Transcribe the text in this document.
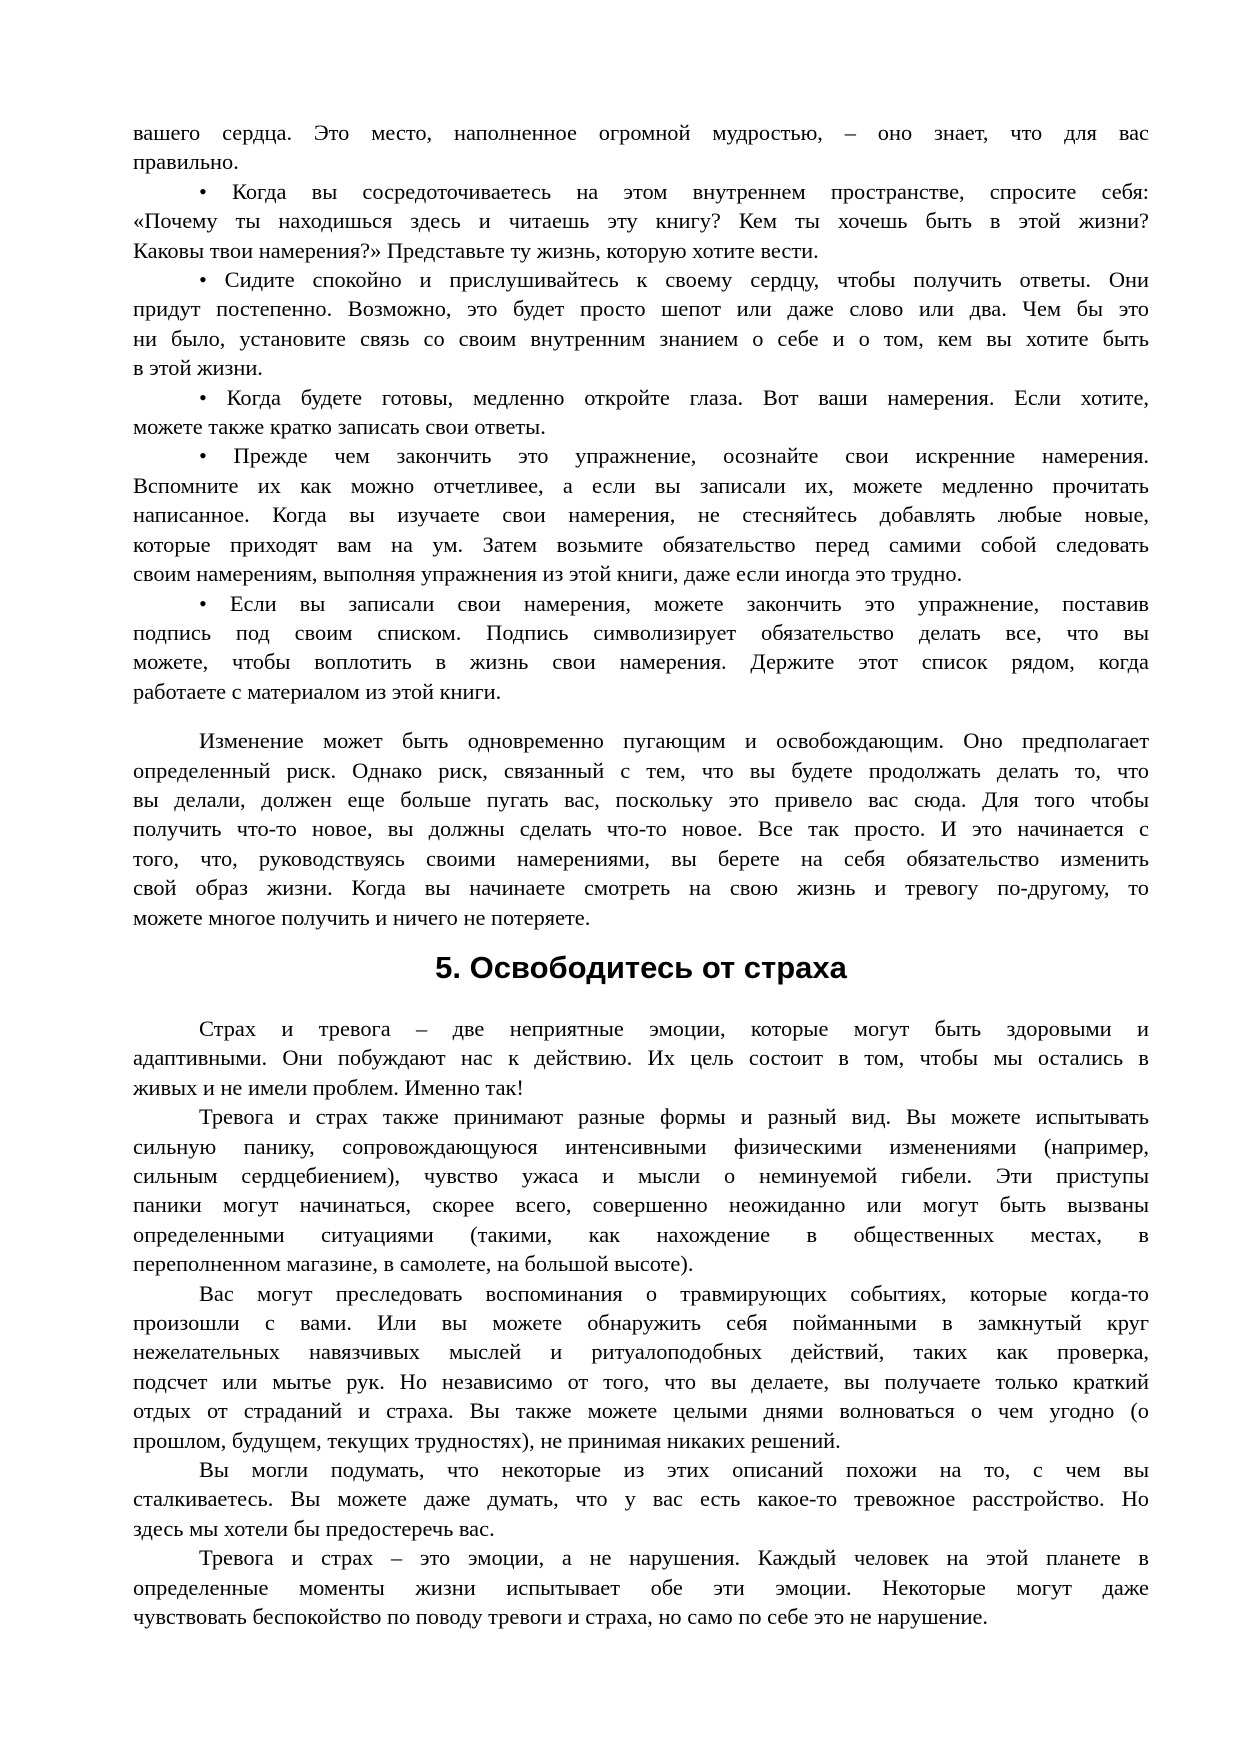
вашего сердца. Это место, наполненное огромной мудростью, – оно знает, что для вас
правильно.
• Когда вы сосредоточиваетесь на этом внутреннем пространстве, спросите себя:
«Почему ты находишься здесь и читаешь эту книгу? Кем ты хочешь быть в этой жизни?
Каковы твои намерения?» Представьте ту жизнь, которую хотите вести.
• Сидите спокойно и прислушивайтесь к своему сердцу, чтобы получить ответы. Они
придут постепенно. Возможно, это будет просто шепот или даже слово или два. Чем бы это
ни было, установите связь со своим внутренним знанием о себе и о том, кем вы хотите быть
в этой жизни.
• Когда будете готовы, медленно откройте глаза. Вот ваши намерения. Если хотите,
можете также кратко записать свои ответы.
• Прежде чем закончить это упражнение, осознайте свои искренние намерения.
Вспомните их как можно отчетливее, а если вы записали их, можете медленно прочитать
написанное. Когда вы изучаете свои намерения, не стесняйтесь добавлять любые новые,
которые приходят вам на ум. Затем возьмите обязательство перед самими собой следовать
своим намерениям, выполняя упражнения из этой книги, даже если иногда это трудно.
• Если вы записали свои намерения, можете закончить это упражнение, поставив
подпись под своим списком. Подпись символизирует обязательство делать все, что вы
можете, чтобы воплотить в жизнь свои намерения. Держите этот список рядом, когда
работаете с материалом из этой книги.
Изменение может быть одновременно пугающим и освобождающим. Оно предполагает
определенный риск. Однако риск, связанный с тем, что вы будете продолжать делать то, что
вы делали, должен еще больше пугать вас, поскольку это привело вас сюда. Для того чтобы
получить что-то новое, вы должны сделать что-то новое. Все так просто. И это начинается с
того, что, руководствуясь своими намерениями, вы берете на себя обязательство изменить
свой образ жизни. Когда вы начинаете смотреть на свою жизнь и тревогу по-другому, то
можете многое получить и ничего не потеряете.
5. Освободитесь от страха
Страх и тревога – две неприятные эмоции, которые могут быть здоровыми и
адаптивными. Они побуждают нас к действию. Их цель состоит в том, чтобы мы остались в
живых и не имели проблем. Именно так!
Тревога и страх также принимают разные формы и разный вид. Вы можете испытывать
сильную панику, сопровождающуюся интенсивными физическими изменениями (например,
сильным сердцебиением), чувство ужаса и мысли о неминуемой гибели. Эти приступы
паники могут начинаться, скорее всего, совершенно неожиданно или могут быть вызваны
определенными ситуациями (такими, как нахождение в общественных местах, в
переполненном магазине, в самолете, на большой высоте).
Вас могут преследовать воспоминания о травмирующих событиях, которые когда-то
произошли с вами. Или вы можете обнаружить себя пойманными в замкнутый круг
нежелательных навязчивых мыслей и ритуалоподобных действий, таких как проверка,
подсчет или мытье рук. Но независимо от того, что вы делаете, вы получаете только краткий
отдых от страданий и страха. Вы также можете целыми днями волноваться о чем угодно (о
прошлом, будущем, текущих трудностях), не принимая никаких решений.
Вы могли подумать, что некоторые из этих описаний похожи на то, с чем вы
сталкиваетесь. Вы можете даже думать, что у вас есть какое-то тревожное расстройство. Но
здесь мы хотели бы предостеречь вас.
Тревога и страх – это эмоции, а не нарушения. Каждый человек на этой планете в
определенные моменты жизни испытывает обе эти эмоции. Некоторые могут даже
чувствовать беспокойство по поводу тревоги и страха, но само по себе это не нарушение.
